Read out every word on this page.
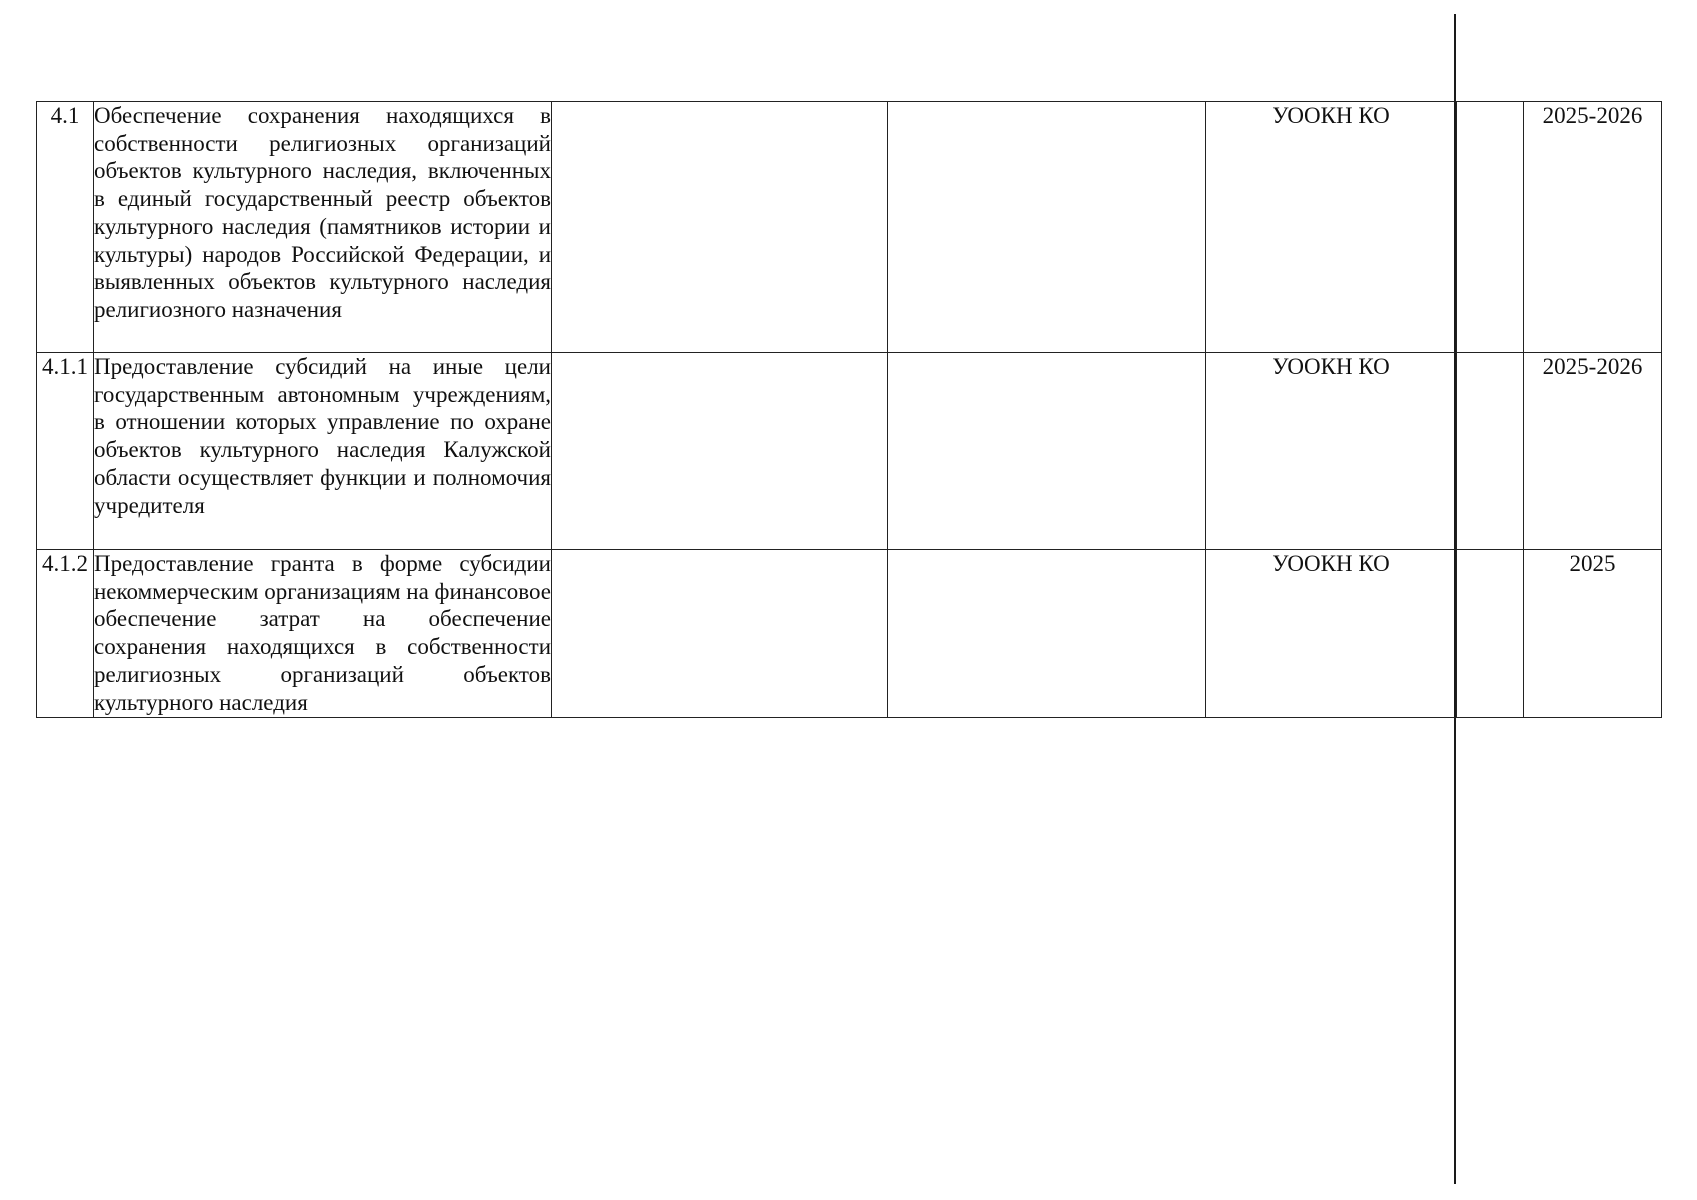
4.1	Обеспечение сохранения находящихся в собственности религиозных организаций объектов культурного наследия, включенных в единый государственный реестр объектов культурного наследия (памятников истории и культуры) народов Российской Федерации, и выявленных объектов культурного наследия религиозного назначения			УООКН КО		2025-2026
4.1.1	Предоставление субсидий на иные цели государственным автономным учреждениям, в отношении которых управление по охране объектов культурного наследия Калужской области осуществляет функции и полномочия учредителя			УООКН КО		2025-2026
4.1.2	Предоставление гранта в форме субсидии некоммерческим организациям на финансовое обеспечение затрат на обеспечение сохранения находящихся в собственности религиозных организаций объектов культурного наследия			УООКН КО		2025
